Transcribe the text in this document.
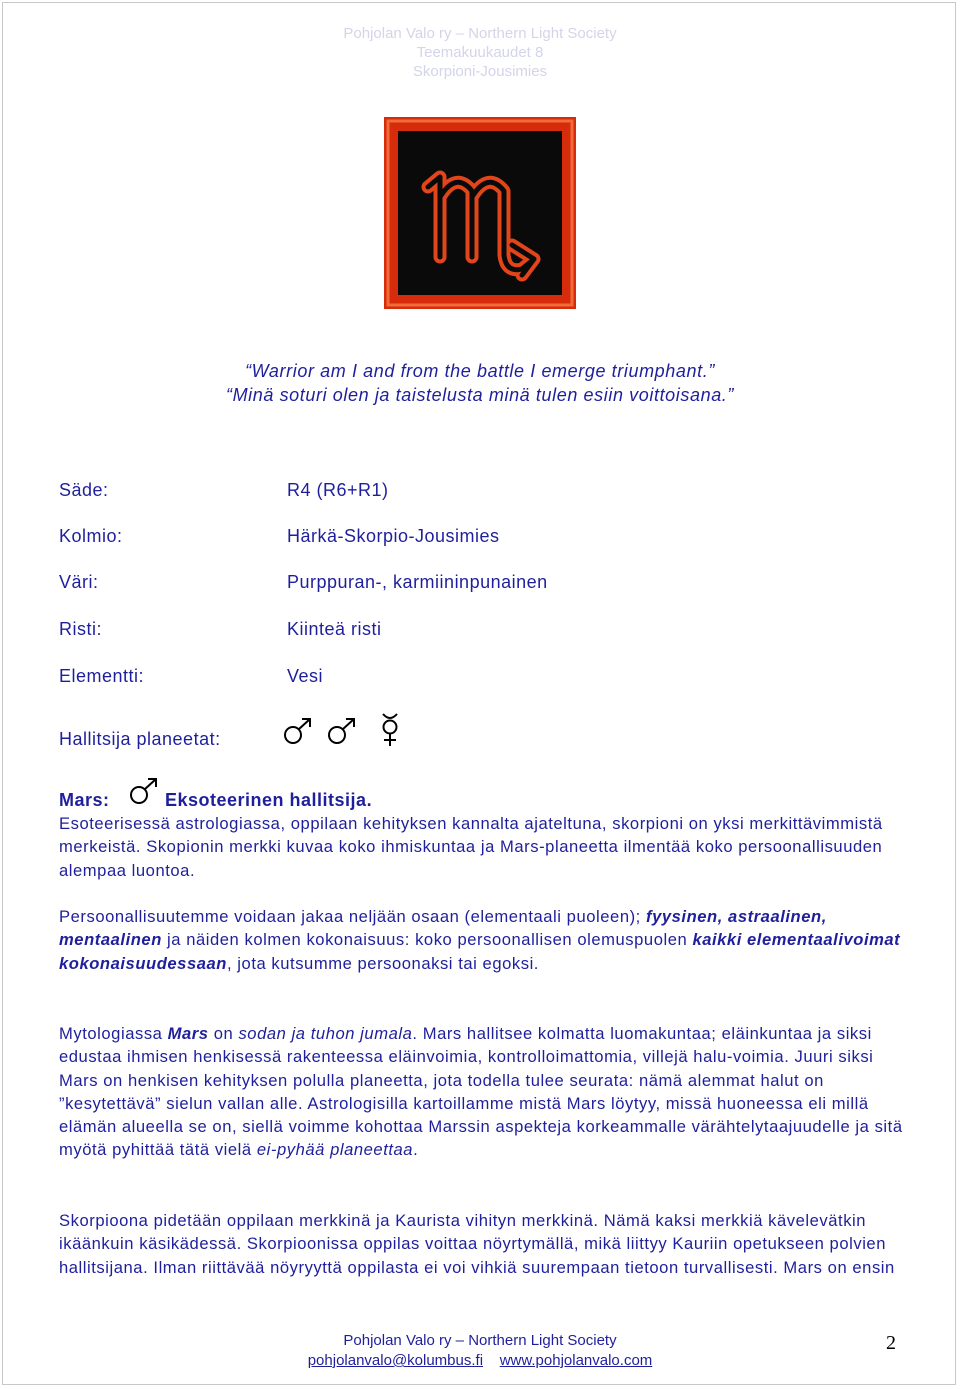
Pohjolan Valo ry – Northern Light Society
Teemakuukaudet 8
Skorpioni-Jousimies
“Warrior am I and from the battle I emerge triumphant.”
“Minä soturi olen ja taistelusta minä tulen esiin voittoisana.”
Säde:	R4 (R6+R1)
Kolmio:	Härkä-Skorpio-Jousimies
Väri:	Purppuran-, karmiininpunainen
Risti:	Kiinteä risti
Elementti:	Vesi
Hallitsija planeetat:
Mars:	Eksoteerinen hallitsija.
Esoteerisessä astrologiassa, oppilaan kehityksen kannalta ajateltuna, skorpioni on yksi merkittävimmistä merkeistä. Skopionin merkki kuvaa koko ihmiskuntaa ja Mars-planeetta ilmentää koko persoonallisuuden alempaa luontoa.
Persoonallisuutemme voidaan jakaa neljään osaan (elementaali puoleen); fyysinen, astraalinen, mentaalinen ja näiden kolmen kokonaisuus: koko persoonallisen olemuspuolen kaikki elementaalivoimat kokonaisuudessaan, jota kutsumme persoonaksi tai egoksi.
Mytologiassa Mars on sodan ja tuhon jumala. Mars hallitsee kolmatta luomakuntaa; eläinkuntaa ja siksi edustaa ihmisen henkisessä rakenteessa eläinvoimia, kontrolloimattomia, villejä halu-voimia. Juuri siksi Mars on henkisen kehityksen polulla planeetta, jota todella tulee seurata: nämä alemmat halut on ”kesytettävä” sielun vallan alle. Astrologisilla kartoillamme mistä Mars löytyy, missä huoneessa eli millä elämän alueella se on, siellä voimme kohottaa Marssin aspekteja korkeammalle värähtelytaajuudelle ja sitä myötä pyhittää tätä vielä ei-pyhää planeettaa.
Skorpioona pidetään oppilaan merkkinä ja Kaurista vihityn merkkinä. Nämä kaksi merkkiä kävelevätkin ikäänkuin käsikädessä. Skorpioonissa oppilas voittaa nöyrtymällä, mikä liittyy Kauriin opetukseen polvien hallitsijana. Ilman riittävää nöyryyttä oppilasta ei voi vihkiä suurempaan tietoon turvallisesti. Mars on ensin
Pohjolan Valo ry – Northern Light Society
pohjolanvalo@kolumbus.fi www.pohjolanvalo.com
2
